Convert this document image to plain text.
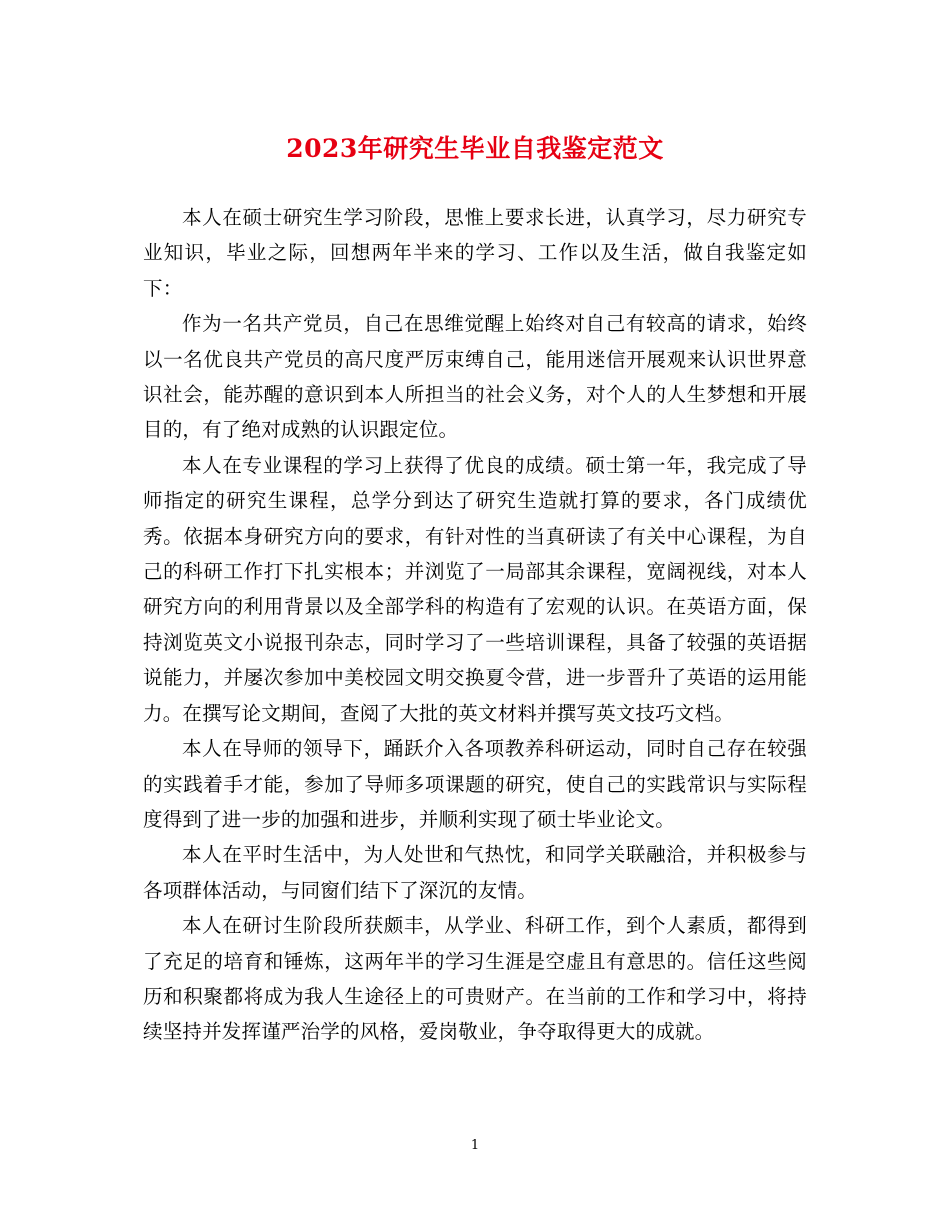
2023年研究生毕业自我鉴定范文

本人在硕士研究生学习阶段，思惟上要求长进，认真学习，尽力研究专业知识，毕业之际，回想两年半来的学习、工作以及生活，做自我鉴定如下：

作为一名共产党员，自己在思维觉醒上始终对自己有较高的请求，始终以一名优良共产党员的高尺度严厉束缚自己，能用迷信开展观来认识世界意识社会，能苏醒的意识到本人所担当的社会义务，对个人的人生梦想和开展目的，有了绝对成熟的认识跟定位。

本人在专业课程的学习上获得了优良的成绩。硕士第一年，我完成了导师指定的研究生课程，总学分到达了研究生造就打算的要求，各门成绩优秀。依据本身研究方向的要求，有针对性的当真研读了有关中心课程，为自己的科研工作打下扎实根本；并浏览了一局部其余课程，宽阔视线，对本人研究方向的利用背景以及全部学科的构造有了宏观的认识。在英语方面，保持浏览英文小说报刊杂志，同时学习了一些培训课程，具备了较强的英语据说能力，并屡次参加中美校园文明交换夏令营，进一步晋升了英语的运用能力。在撰写论文期间，查阅了大批的英文材料并撰写英文技巧文档。

本人在导师的领导下，踊跃介入各项教养科研运动，同时自己存在较强的实践着手才能，参加了导师多项课题的研究，使自己的实践常识与实际程度得到了进一步的加强和进步，并顺利实现了硕士毕业论文。

本人在平时生活中，为人处世和气热忱，和同学关联融洽，并积极参与各项群体活动，与同窗们结下了深沉的友情。

本人在研讨生阶段所获颇丰，从学业、科研工作，到个人素质，都得到了充足的培育和锤炼，这两年半的学习生涯是空虚且有意思的。信任这些阅历和积聚都将成为我人生途径上的可贵财产。在当前的工作和学习中，将持续坚持并发挥谨严治学的风格，爱岗敬业，争夺取得更大的成就。

1
